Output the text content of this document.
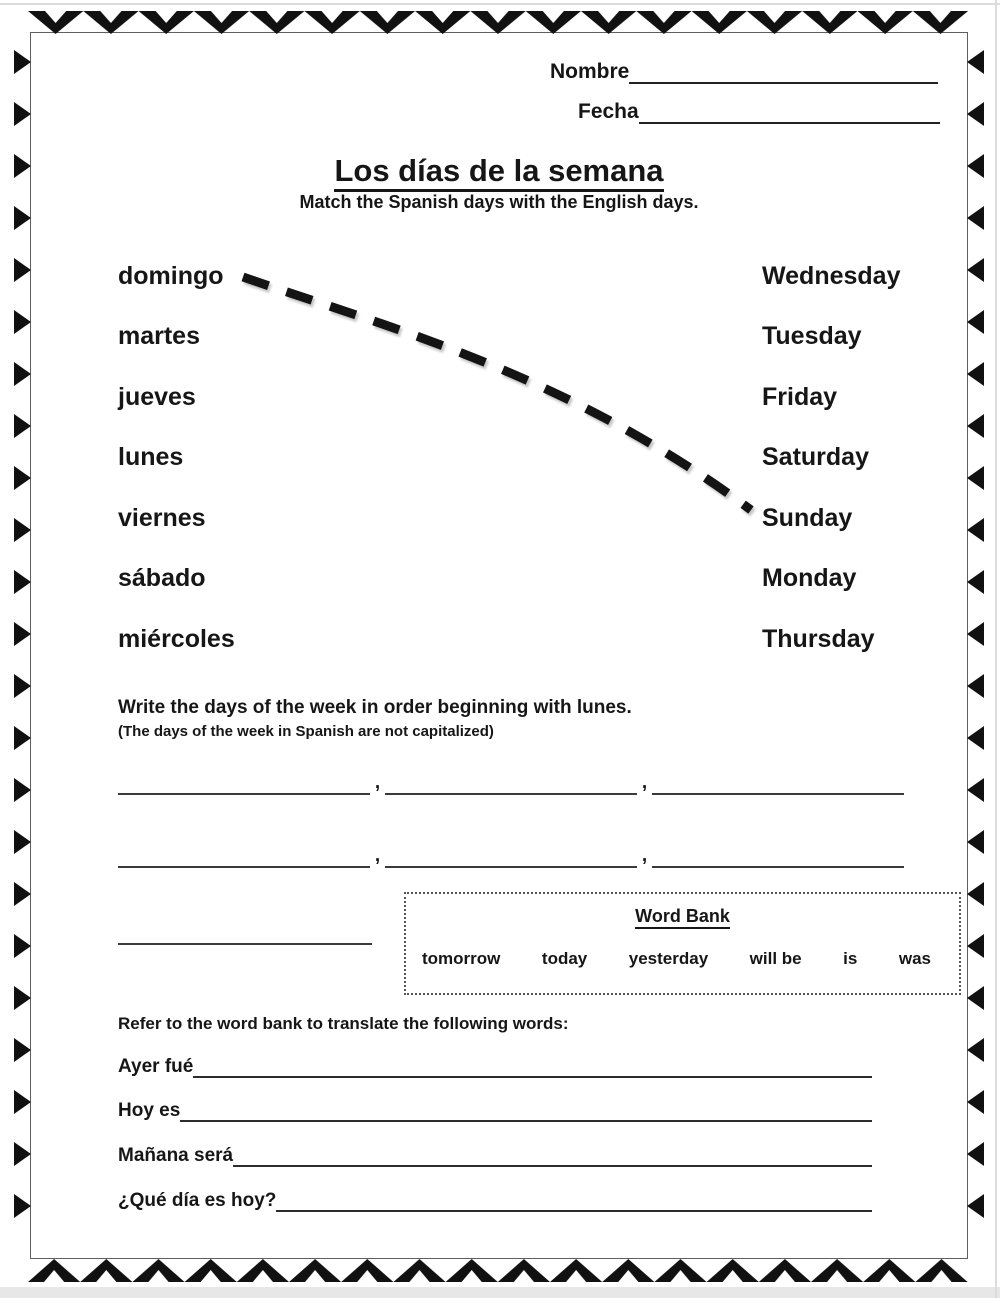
Nombre
Fecha
Los días de la semana
Match the Spanish days with the English days.
domingo
martes
jueves
lunes
viernes
sábado
miércoles
Wednesday
Tuesday
Friday
Saturday
Sunday
Monday
Thursday
Write the days of the week in order beginning with lunes.
(The days of the week in Spanish are not capitalized)
,	,
,	,
Word Bank
tomorrow today yesterday will be is was
Refer to the word bank to translate the following words:
Ayer fué
Hoy es
Mañana será
¿Qué día es hoy?
